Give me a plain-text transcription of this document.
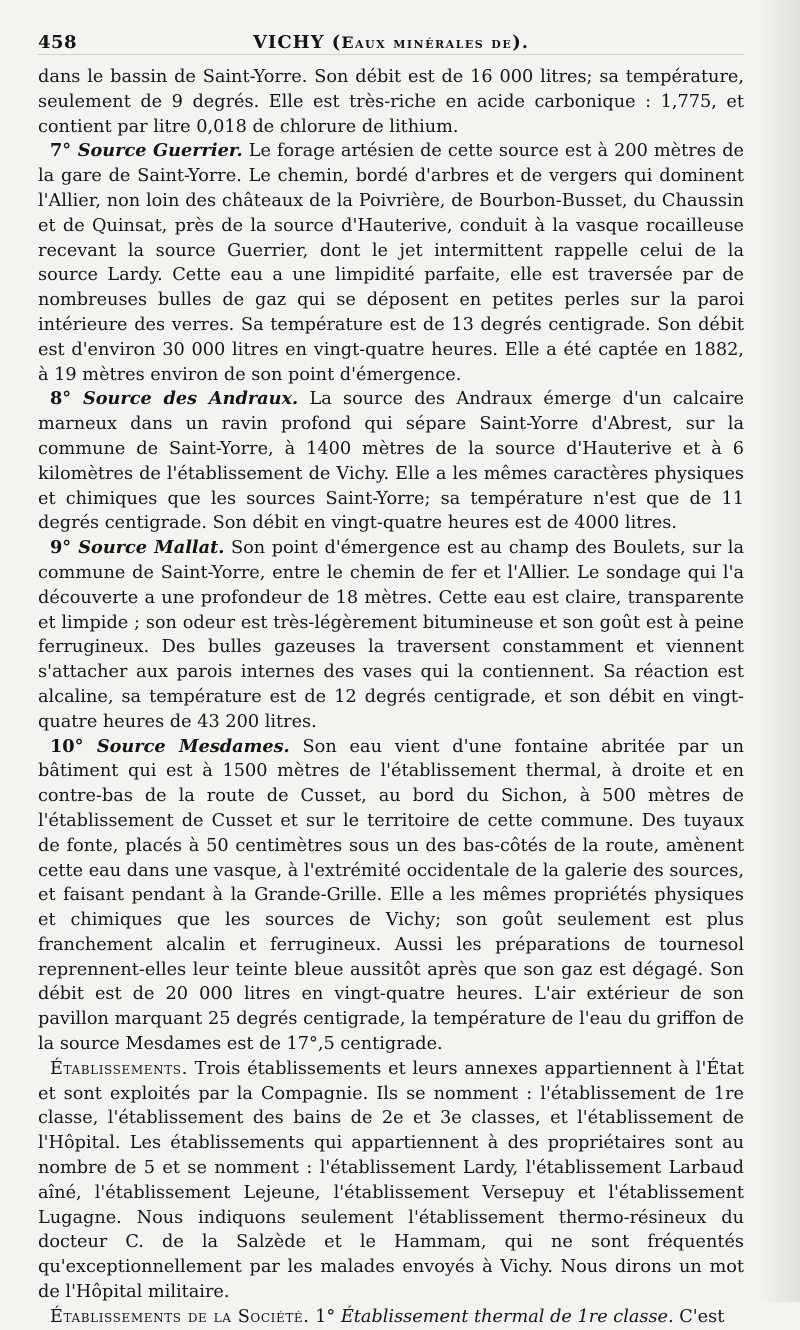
458	VICHY (Eaux minérales de).

dans le bassin de Saint-Yorre. Son débit est de 16 000 litres; sa température, seulement de 9 degrés. Elle est très-riche en acide carbonique : 1,775, et contient par litre 0,018 de chlorure de lithium.

7° Source Guerrier. Le forage artésien de cette source est à 200 mètres de la gare de Saint-Yorre. Le chemin, bordé d'arbres et de vergers qui dominent l'Allier, non loin des châteaux de la Poivrière, de Bourbon-Busset, du Chaussin et de Quinsat, près de la source d'Hauterive, conduit à la vasque rocailleuse recevant la source Guerrier, dont le jet intermittent rappelle celui de la source Lardy. Cette eau a une limpidité parfaite, elle est traversée par de nombreuses bulles de gaz qui se déposent en petites perles sur la paroi intérieure des verres. Sa température est de 13 degrés centigrade. Son débit est d'environ 30 000 litres en vingt-quatre heures. Elle a été captée en 1882, à 19 mètres environ de son point d'émergence.

8° Source des Andraux. La source des Andraux émerge d'un calcaire marneux dans un ravin profond qui sépare Saint-Yorre d'Abrest, sur la commune de Saint-Yorre, à 1400 mètres de la source d'Hauterive et à 6 kilomètres de l'établissement de Vichy. Elle a les mêmes caractères physiques et chimiques que les sources Saint-Yorre; sa température n'est que de 11 degrés centigrade. Son débit en vingt-quatre heures est de 4000 litres.

9° Source Mallat. Son point d'émergence est au champ des Boulets, sur la commune de Saint-Yorre, entre le chemin de fer et l'Allier. Le sondage qui l'a découverte a une profondeur de 18 mètres. Cette eau est claire, transparente et limpide ; son odeur est très-légèrement bitumineuse et son goût est à peine ferrugineux. Des bulles gazeuses la traversent constamment et viennent s'attacher aux parois internes des vases qui la contiennent. Sa réaction est alcaline, sa température est de 12 degrés centigrade, et son débit en vingt-quatre heures de 43 200 litres.

10° Source Mesdames. Son eau vient d'une fontaine abritée par un bâtiment qui est à 1500 mètres de l'établissement thermal, à droite et en contre-bas de la route de Cusset, au bord du Sichon, à 500 mètres de l'établissement de Cusset et sur le territoire de cette commune. Des tuyaux de fonte, placés à 50 centimètres sous un des bas-côtés de la route, amènent cette eau dans une vasque, à l'extrémité occidentale de la galerie des sources, et faisant pendant à la Grande-Grille. Elle a les mêmes propriétés physiques et chimiques que les sources de Vichy; son goût seulement est plus franchement alcalin et ferrugineux. Aussi les préparations de tournesol reprennent-elles leur teinte bleue aussitôt après que son gaz est dégagé. Son débit est de 20 000 litres en vingt-quatre heures. L'air extérieur de son pavillon marquant 25 degrés centigrade, la température de l'eau du griffon de la source Mesdames est de 17°,5 centigrade.

Établissements. Trois établissements et leurs annexes appartiennent à l'État et sont exploités par la Compagnie. Ils se nomment : l'établissement de 1re classe, l'établissement des bains de 2e et 3e classes, et l'établissement de l'Hôpital. Les établissements qui appartiennent à des propriétaires sont au nombre de 5 et se nomment : l'établissement Lardy, l'établissement Larbaud aîné, l'établissement Lejeune, l'établissement Versepuy et l'établissement Lugagne. Nous indiquons seulement l'établissement thermo-résineux du docteur C. de la Salzède et le Hammam, qui ne sont fréquentés qu'exceptionnellement par les malades envoyés à Vichy. Nous dirons un mot de l'Hôpital militaire.

Établissements de la Société. 1° Établissement thermal de 1re classe. C'est
